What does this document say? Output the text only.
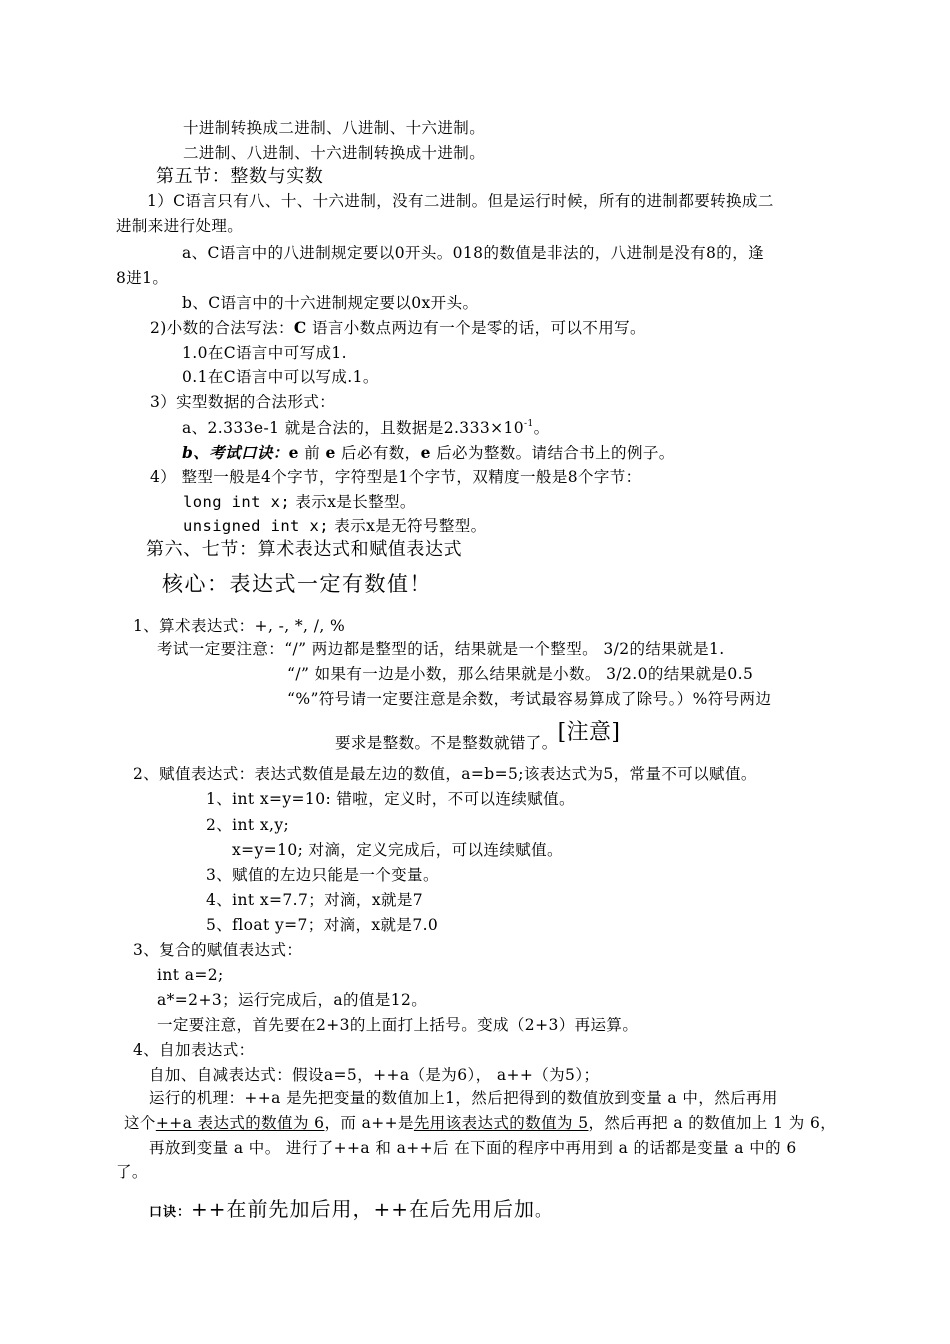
十进制转换成二进制、八进制、十六进制。
二进制、八进制、十六进制转换成十进制。
第五节：整数与实数
1）C语言只有八、十、十六进制，没有二进制。但是运行时候，所有的进制都要转换成二
进制来进行处理。
a、C语言中的八进制规定要以0开头。018的数值是非法的，八进制是没有8的，逢
8进1。
b、C语言中的十六进制规定要以0x开头。
2)小数的合法写法：C 语言小数点两边有一个是零的话，可以不用写。
1.0在C语言中可写成1.
0.1在C语言中可以写成.1。
3）实型数据的合法形式：
a、2.333e-1 就是合法的，且数据是$2.333\times 10^{-1}$。
b、考试口诀：e 前 e 后必有数，e 后必为整数。请结合书上的例子。
4） 整型一般是4个字节，字符型是1个字节，双精度一般是8个字节：
long int x; 表示x是长整型。
unsigned int x; 表示x是无符号整型。
第六、七节：算术表达式和赋值表达式
核心：表达式一定有数值！
1、算术表达式：+, -, *, /, %
考试一定要注意：“/” 两边都是整型的话，结果就是一个整型。 3/2的结果就是1.
“/” 如果有一边是小数，那么结果就是小数。 3/2.0的结果就是0.5
“%”符号请一定要注意是余数，考试最容易算成了除号。）%符号两边
要求是整数。不是整数就错了。[注意]
2、赋值表达式：表达式数值是最左边的数值，a=b=5;该表达式为5，常量不可以赋值。
1、int x=y=10: 错啦，定义时，不可以连续赋值。
2、int x,y;
x=y=10; 对滴，定义完成后，可以连续赋值。
3、赋值的左边只能是一个变量。
4、int x=7.7；对滴，x就是7
5、float y=7；对滴，x就是7.0
3、复合的赋值表达式：
int a=2;
a*=2+3；运行完成后，a的值是12。
一定要注意，首先要在2+3的上面打上括号。变成（2+3）再运算。
4、自加表达式：
自加、自减表达式：假设a=5，++a（是为6）， a++（为5）；
运行的机理：++a 是先把变量的数值加上1，然后把得到的数值放到变量 a 中，然后再用
这个++a 表达式的数值为 6，而 a++是先用该表达式的数值为 5，然后再把 a 的数值加上 1 为 6，
再放到变量 a 中。 进行了++a 和 a++后 在下面的程序中再用到 a 的话都是变量 a 中的 6
了。
口诀：++在前先加后用，++在后先用后加。
